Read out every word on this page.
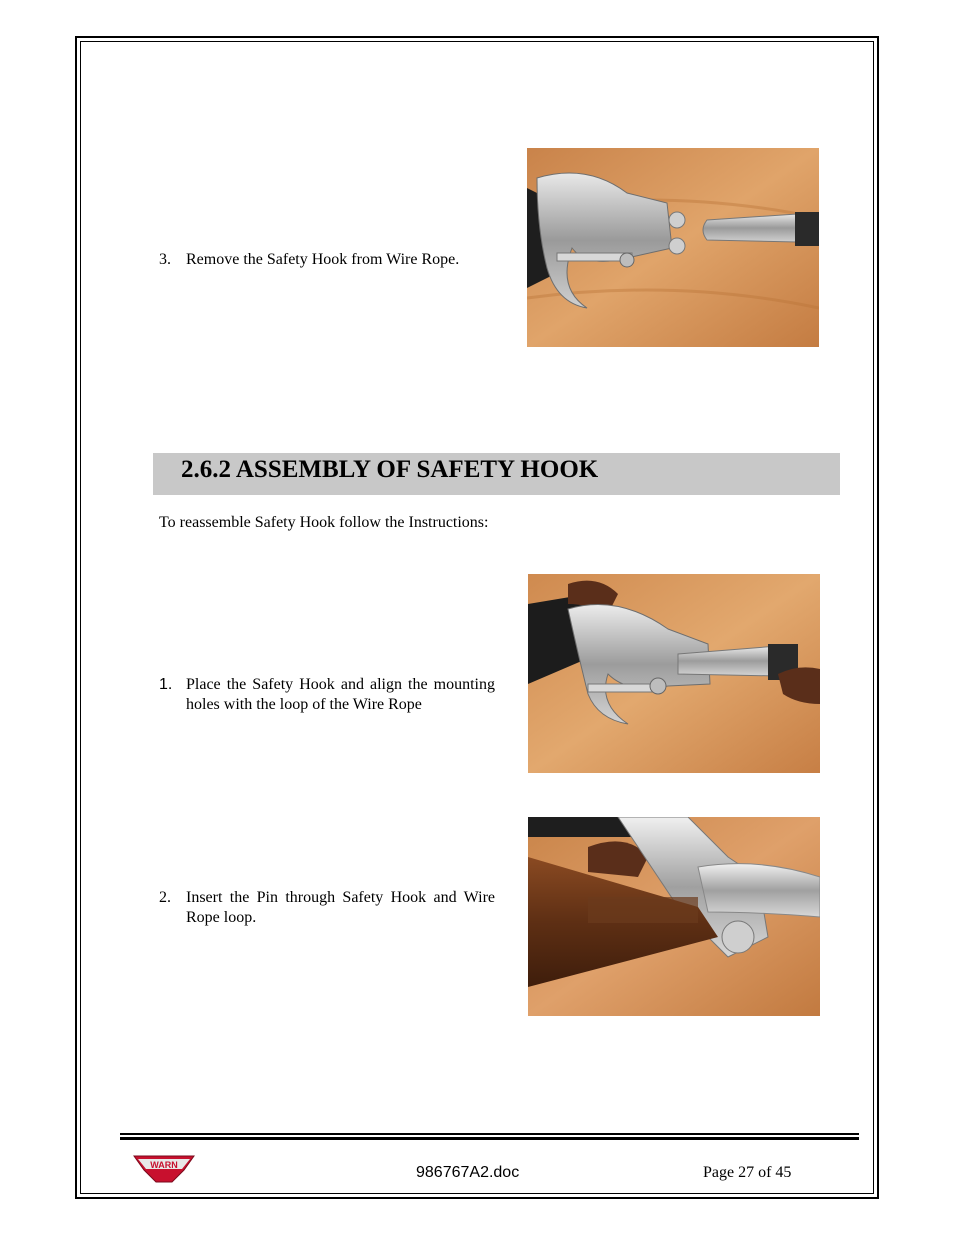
3. Remove the Safety Hook from Wire Rope.
2.6.2 ASSEMBLY OF SAFETY HOOK
To reassemble Safety Hook follow the Instructions:
1. Place the Safety Hook and align the mounting holes with the loop of the Wire Rope
2. Insert the Pin through Safety Hook and Wire Rope loop.
WARN	986767A2.doc	Page 27 of 45
